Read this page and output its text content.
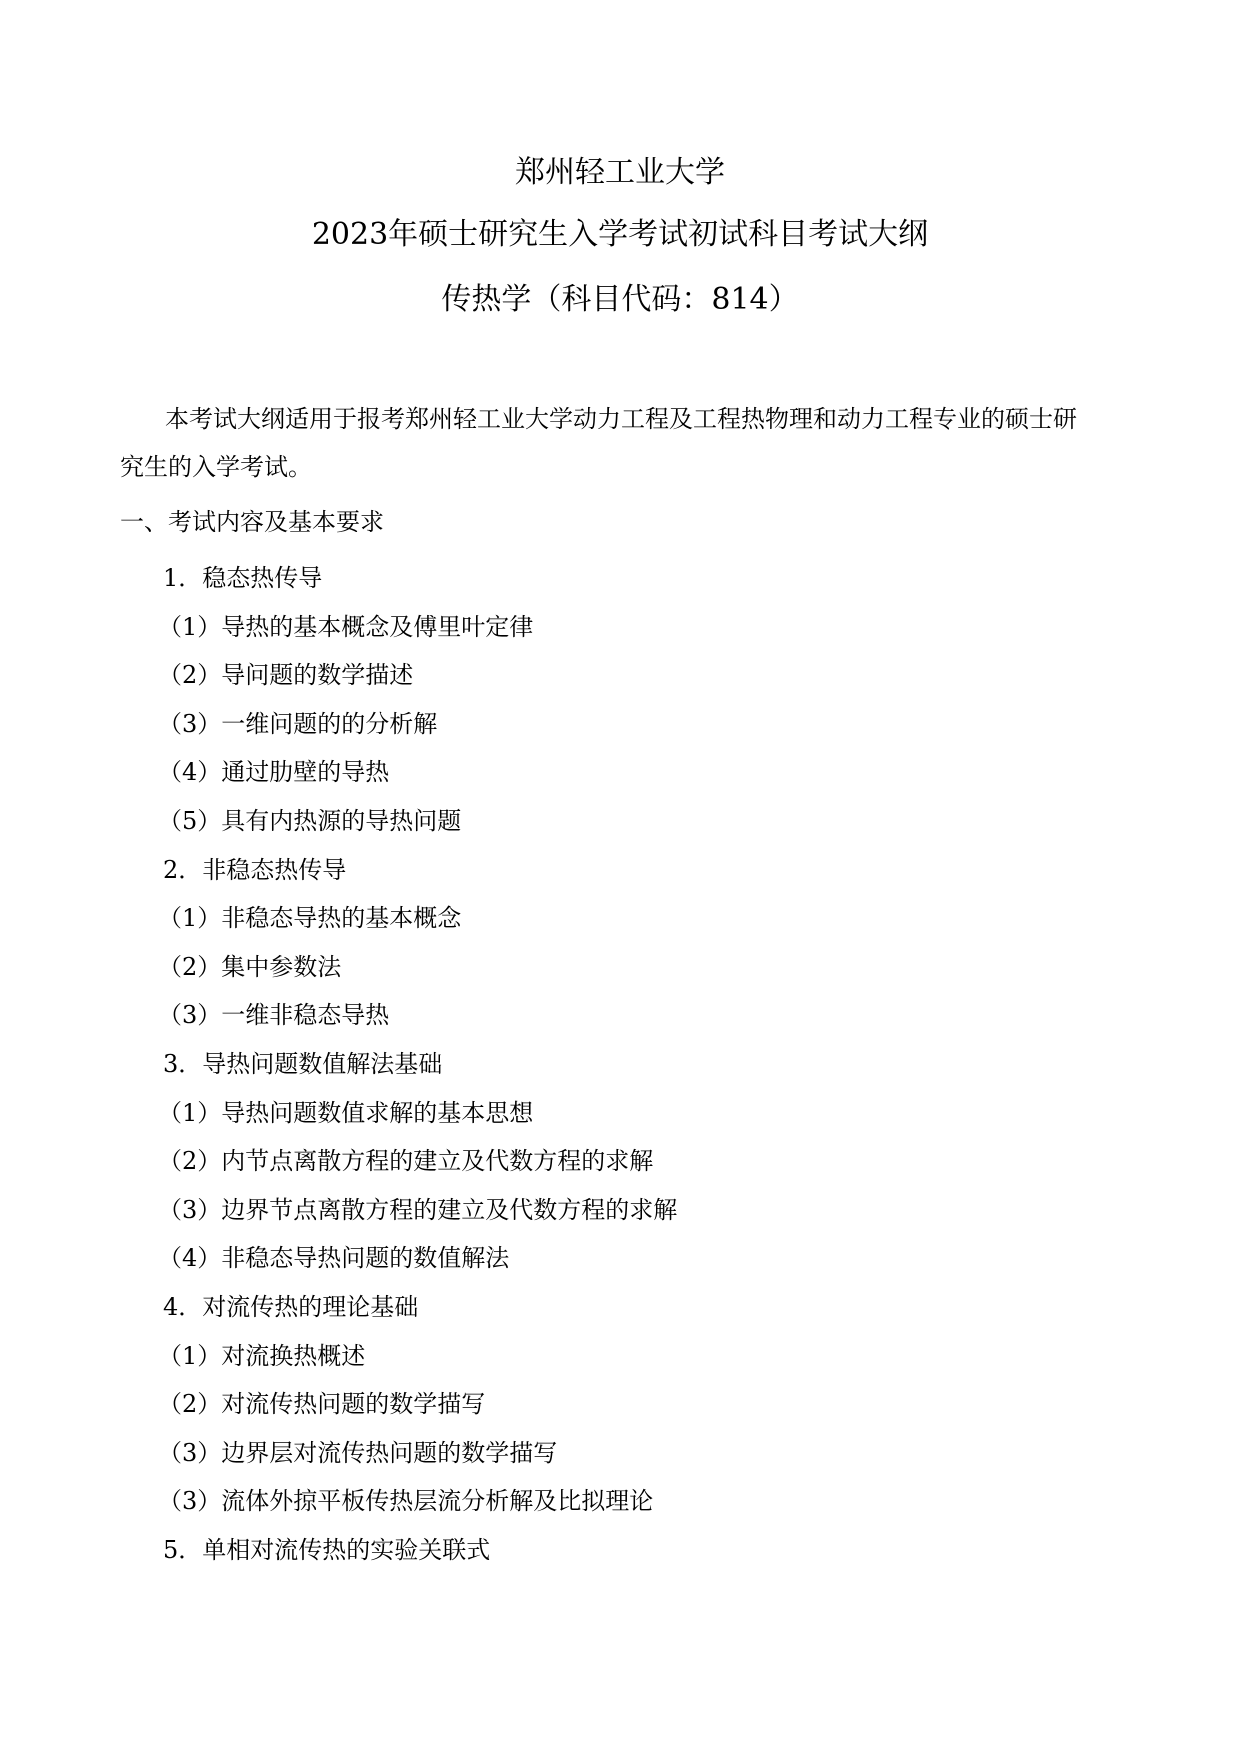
郑州轻工业大学
2023年硕士研究生入学考试初试科目考试大纲
传热学（科目代码：814）
本考试大纲适用于报考郑州轻工业大学动力工程及工程热物理和动力工程专业的硕士研
究生的入学考试。
一、考试内容及基本要求
1．稳态热传导
（1）导热的基本概念及傅里叶定律
（2）导问题的数学描述
（3）一维问题的的分析解
（4）通过肋壁的导热
（5）具有内热源的导热问题
2．非稳态热传导
（1）非稳态导热的基本概念
（2）集中参数法
（3）一维非稳态导热
3．导热问题数值解法基础
（1）导热问题数值求解的基本思想
（2）内节点离散方程的建立及代数方程的求解
（3）边界节点离散方程的建立及代数方程的求解
（4）非稳态导热问题的数值解法
4．对流传热的理论基础
（1）对流换热概述
（2）对流传热问题的数学描写
（3）边界层对流传热问题的数学描写
（3）流体外掠平板传热层流分析解及比拟理论
5．单相对流传热的实验关联式
